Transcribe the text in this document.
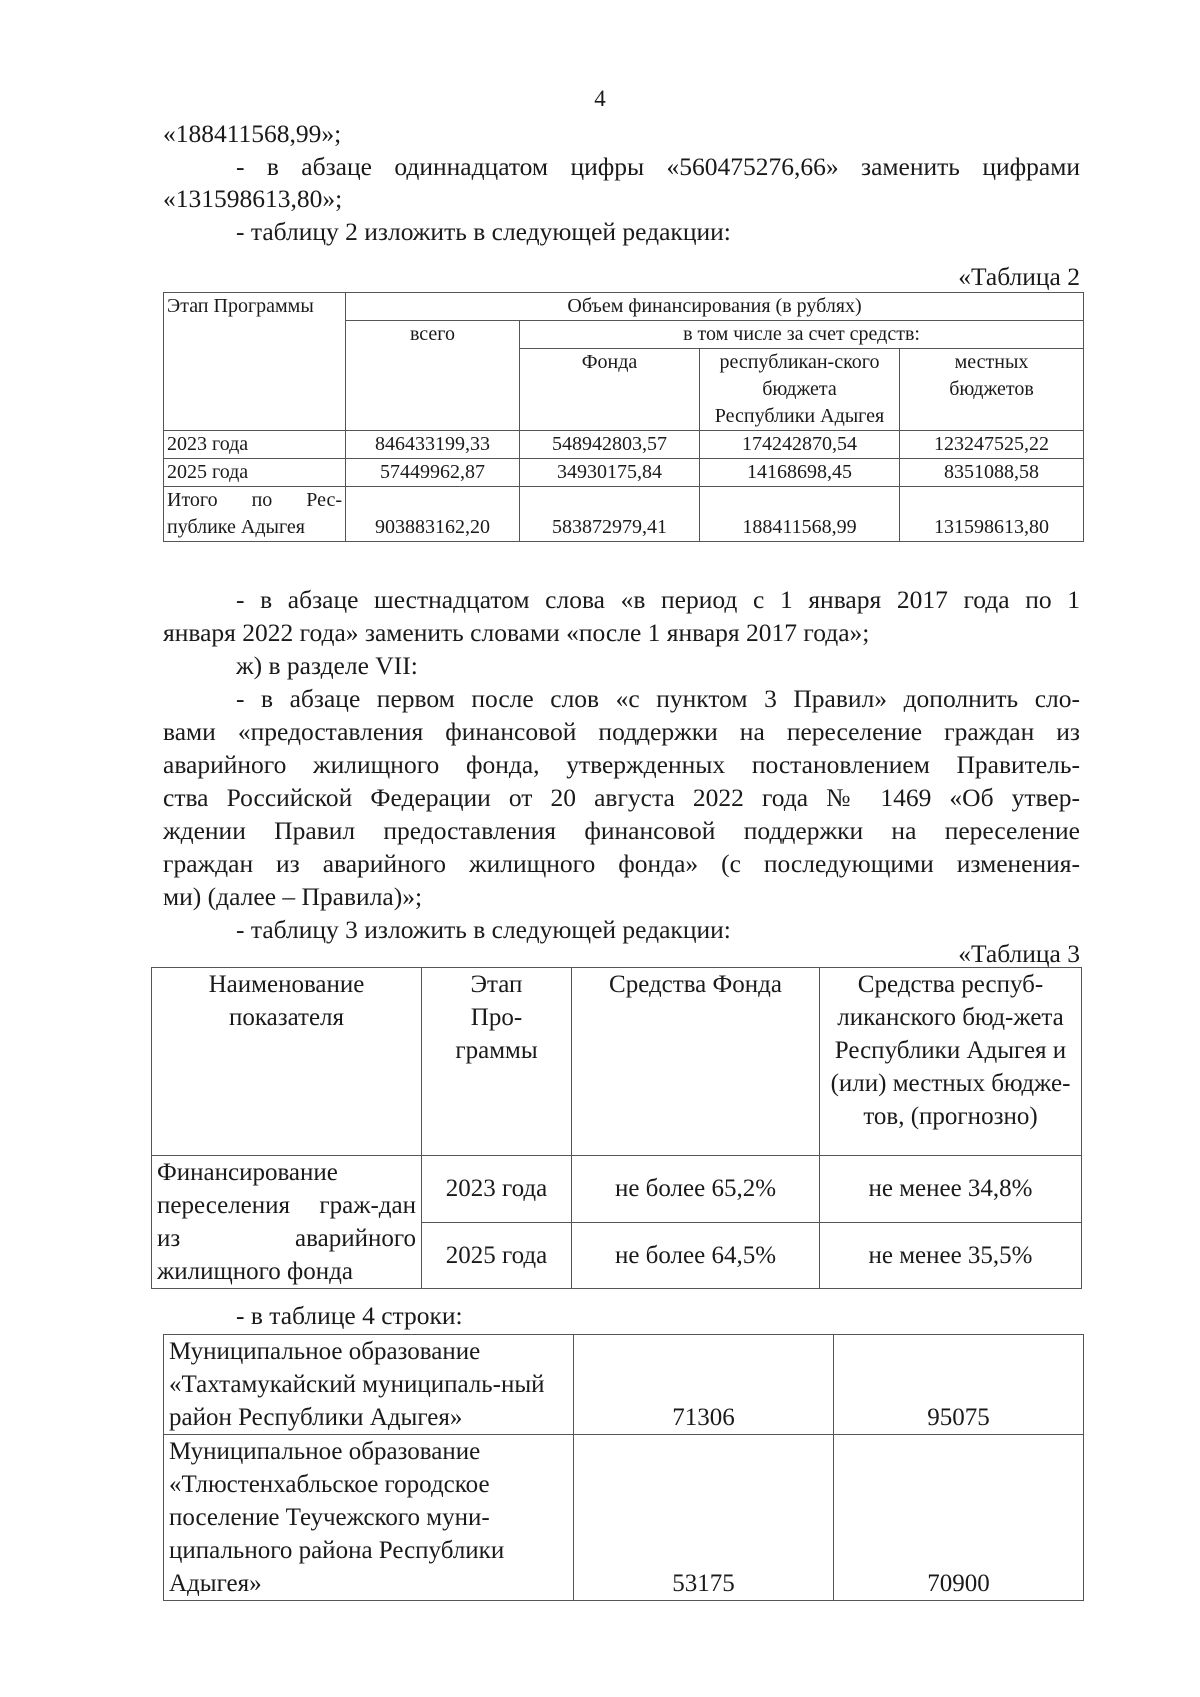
4
«188411568,99»;
- в абзаце одиннадцатом цифры «560475276,66» заменить цифрами
«131598613,80»;
- таблицу 2 изложить в следующей редакции:
«Таблица 2
Этап Программы	Объем финансирования (в рублях)			
	всего	в том числе за счет средств:		
		Фонда	республикан-ского бюджета Республики Адыгея	местных бюджетов
2023 года	846433199,33	548942803,57	174242870,54	123247525,22
2025 года	57449962,87	34930175,84	14168698,45	8351088,58
Итого по Рес-публике Адыгея	903883162,20	583872979,41	188411568,99	131598613,80
- в абзаце шестнадцатом слова «в период с 1 января 2017 года по 1
января 2022 года» заменить словами «после 1 января 2017 года»;
ж) в разделе VII:
- в абзаце первом после слов «с пунктом 3 Правил» дополнить сло-
вами «предоставления финансовой поддержки на переселение граждан из
аварийного жилищного фонда, утвержденных постановлением Правитель-
ства Российской Федерации от 20 августа 2022 года № 1469 «Об утвер-
ждении Правил предоставления финансовой поддержки на переселение
граждан из аварийного жилищного фонда» (с последующими изменения-
ми) (далее – Правила)»;
- таблицу 3 изложить в следующей редакции:
«Таблица 3
Наименование показателя	Этап Про-граммы	Средства Фонда	Средства респуб-ликанского бюд-жета Республики Адыгея и (или) местных бюдже-тов, (прогнозно)
Финансирование переселения граж-дан из аварийного жилищного фонда	2023 года	не более 65,2%	не менее 34,8%
	2025 года	не более 64,5%	не менее 35,5%
- в таблице 4 строки:
Муниципальное образование «Тахтамукайский муниципаль-ный район Республики Адыгея»	71306	95075
Муниципальное образование «Тлюстенхабльское городское поселение Теучежского муни-ципального района Республики Адыгея»	53175	70900
